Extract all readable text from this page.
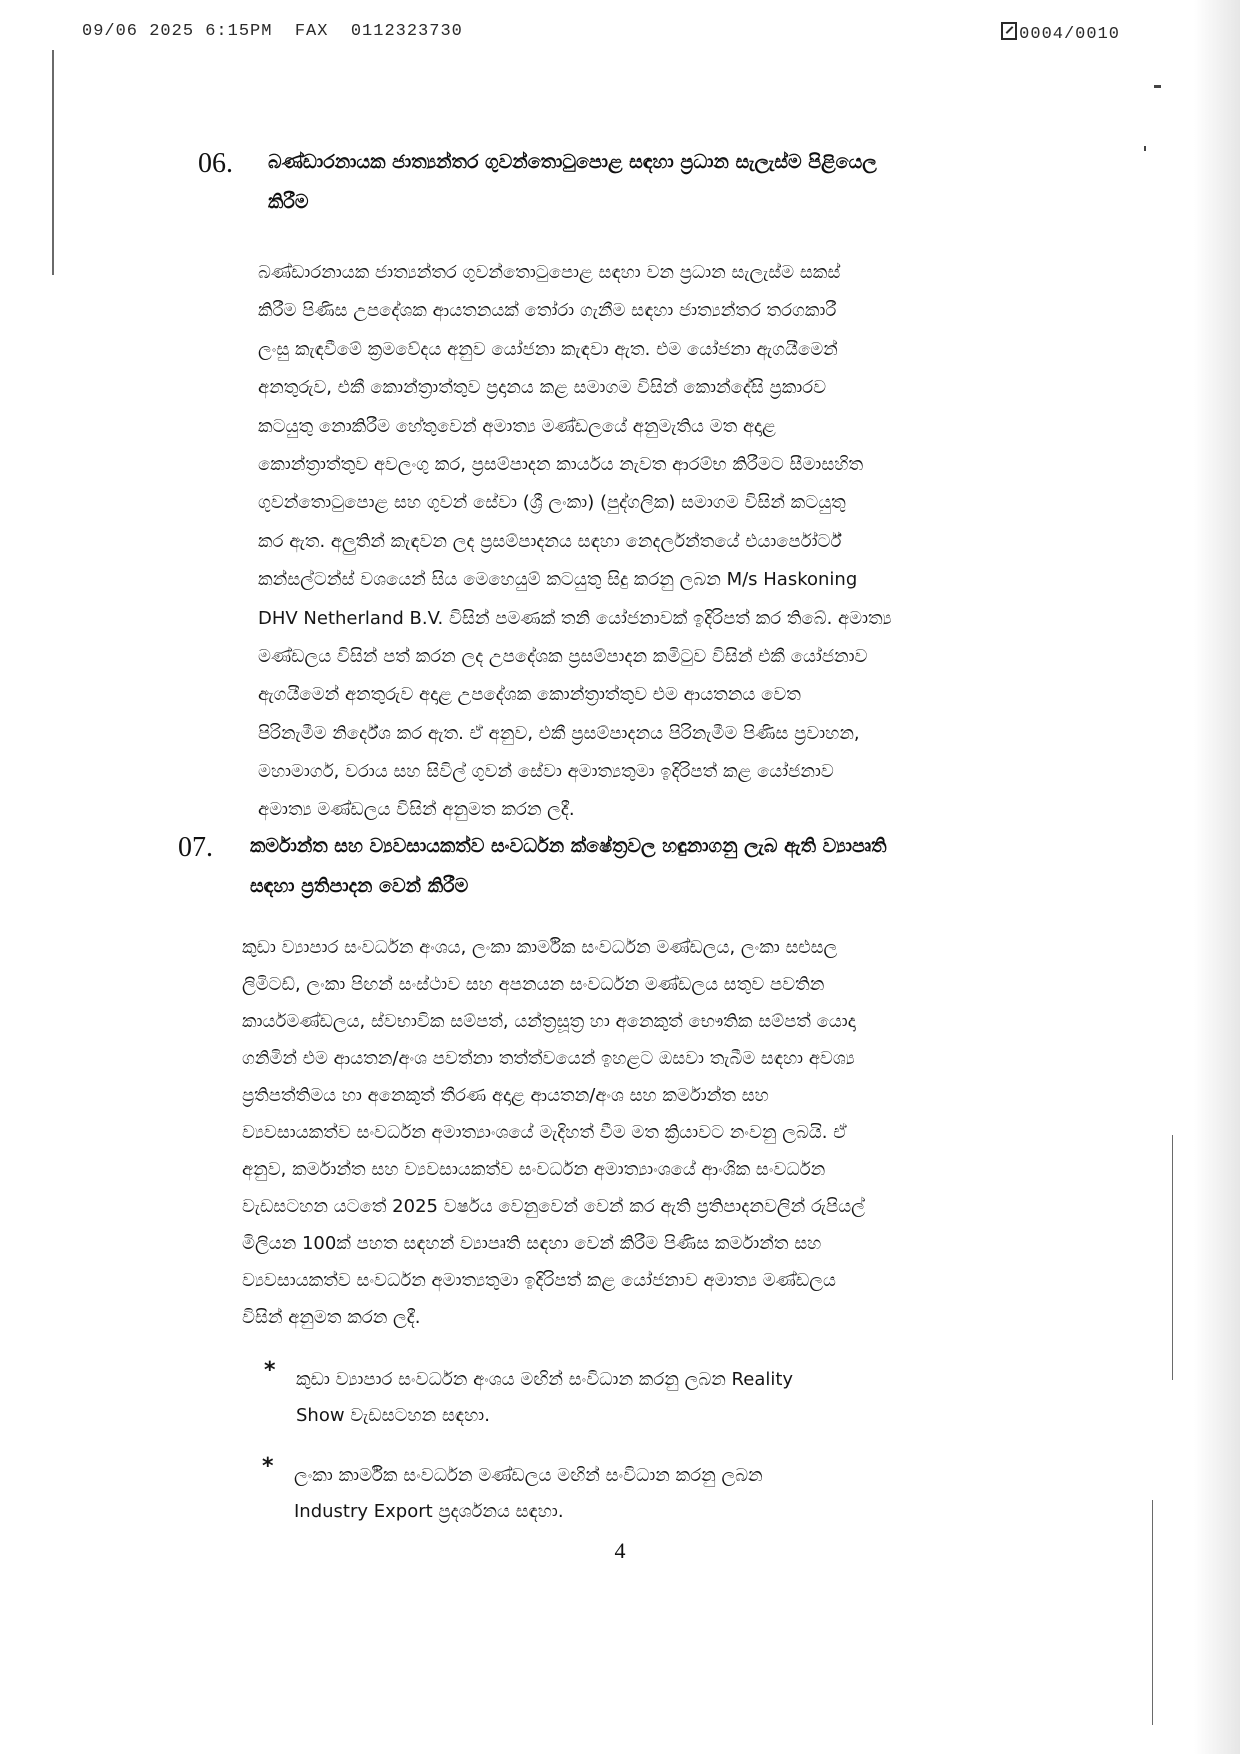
09/06 2025 6:15PM  FAX  0112323730	0004/0010
06. බණ්ඩාරනායක ජාත්‍යන්තර ගුවන්තොටුපොළ සඳහා ප්‍රධාන සැලැස්ම පිළියෙල
කිරීම
බණ්ඩාරනායක ජාත්‍යන්තර ගුවන්තොටුපොළ සඳහා වන ප්‍රධාන සැලැස්ම සකස්
කිරීම පිණිස උපදේශක ආයතනයක් තෝරා ගැනීම සඳහා ජාත්‍යන්තර තරගකාරී
ලංසු කැඳවීමේ ක්‍රමවේදය අනුව යෝජනා කැඳවා ඇත. එම යෝජනා ඇගයීමෙන්
අනතුරුව, එකී කොන්ත්‍රාත්තුව ප්‍රදානය කළ සමාගම විසින් කොන්දේසි ප්‍රකාරව
කටයුතු නොකිරීම හේතුවෙන් අමාත්‍ය මණ්ඩලයේ අනුමැතිය මත අදාළ
කොන්ත්‍රාත්තුව අවලංගු කර, ප්‍රසම්පාදන කාර්යය නැවත ආරම්භ කිරීමට සීමාසහිත
ගුවන්තොටුපොළ සහ ගුවන් සේවා (ශ්‍රී ලංකා) (පුද්ගලික) සමාගම විසින් කටයුතු
කර ඇත. අලුතින් කැඳවන ලද ප්‍රසම්පාදනය සඳහා නෙදර්ලන්තයේ එයාර්පෝර්ට්
කන්සල්ටන්ස් වශයෙන් සිය මෙහෙයුම් කටයුතු සිදු කරනු ලබන M/s Haskoning
DHV Netherland B.V. විසින් පමණක් තනි යෝජනාවක් ඉදිරිපත් කර තිබේ. අමාත්‍ය
මණ්ඩලය විසින් පත් කරන ලද උපදේශක ප්‍රසම්පාදන කමිටුව විසින් එකී යෝජනාව
ඇගයීමෙන් අනතුරුව අදාළ උපදේශක කොන්ත්‍රාත්තුව එම ආයතනය වෙත
පිරිනැමීම නිර්දේශ කර ඇත. ඒ අනුව, එකී ප්‍රසම්පාදනය පිරිනැමීම පිණිස ප්‍රවාහන,
මහාමාර්ග, වරාය සහ සිවිල් ගුවන් සේවා අමාත්‍යතුමා ඉදිරිපත් කළ යෝජනාව
අමාත්‍ය මණ්ඩලය විසින් අනුමත කරන ලදී.
07. කර්මාන්ත සහ ව්‍යවසායකත්ව සංවර්ධන ක්ෂේත්‍රවල හඳුනාගනු ලැබ ඇති ව්‍යාපෘති
සඳහා ප්‍රතිපාදන වෙන් කිරීම
කුඩා ව්‍යාපාර සංවර්ධන අංශය, ලංකා කාර්මික සංවර්ධන මණ්ඩලය, ලංකා සළුසල
ලිමිටඩ්, ලංකා පිඟන් සංස්ථාව සහ අපනයන සංවර්ධන මණ්ඩලය සතුව පවතින
කාර්යමණ්ඩලය, ස්වභාවික සම්පත්, යන්ත්‍රසූත්‍ර හා අනෙකුත් භෞතික සම්පත් යොදා
ගනිමින් එම ආයතන/අංශ පවත්නා තත්ත්වයෙන් ඉහළට ඔසවා තැබීම සඳහා අවශ්‍ය
ප්‍රතිපත්තිමය හා අනෙකුත් තීරණ අදාළ ආයතන/අංශ සහ කර්මාන්ත සහ
ව්‍යවසායකත්ව සංවර්ධන අමාත්‍යාංශයේ මැදිහත් වීම මත ක්‍රියාවට නංවනු ලබයි. ඒ
අනුව, කර්මාන්ත සහ ව්‍යවසායකත්ව සංවර්ධන අමාත්‍යාංශයේ ආංශික සංවර්ධන
වැඩසටහන යටතේ 2025 වර්ෂය වෙනුවෙන් වෙන් කර ඇති ප්‍රතිපාදනවලින් රුපියල්
මිලියන 100ක් පහත සඳහන් ව්‍යාපෘති සඳහා වෙන් කිරීම පිණිස කර්මාන්ත සහ
ව්‍යවසායකත්ව සංවර්ධන අමාත්‍යතුමා ඉදිරිපත් කළ යෝජනාව අමාත්‍ය මණ්ඩලය
විසින් අනුමත කරන ලදී.
* කුඩා ව්‍යාපාර සංවර්ධන අංශය මඟින් සංවිධාන කරනු ලබන Reality
Show වැඩසටහන සඳහා.
* ලංකා කාර්මික සංවර්ධන මණ්ඩලය මඟින් සංවිධාන කරනු ලබන
Industry Export ප්‍රදර්ශනය සඳහා.
4
